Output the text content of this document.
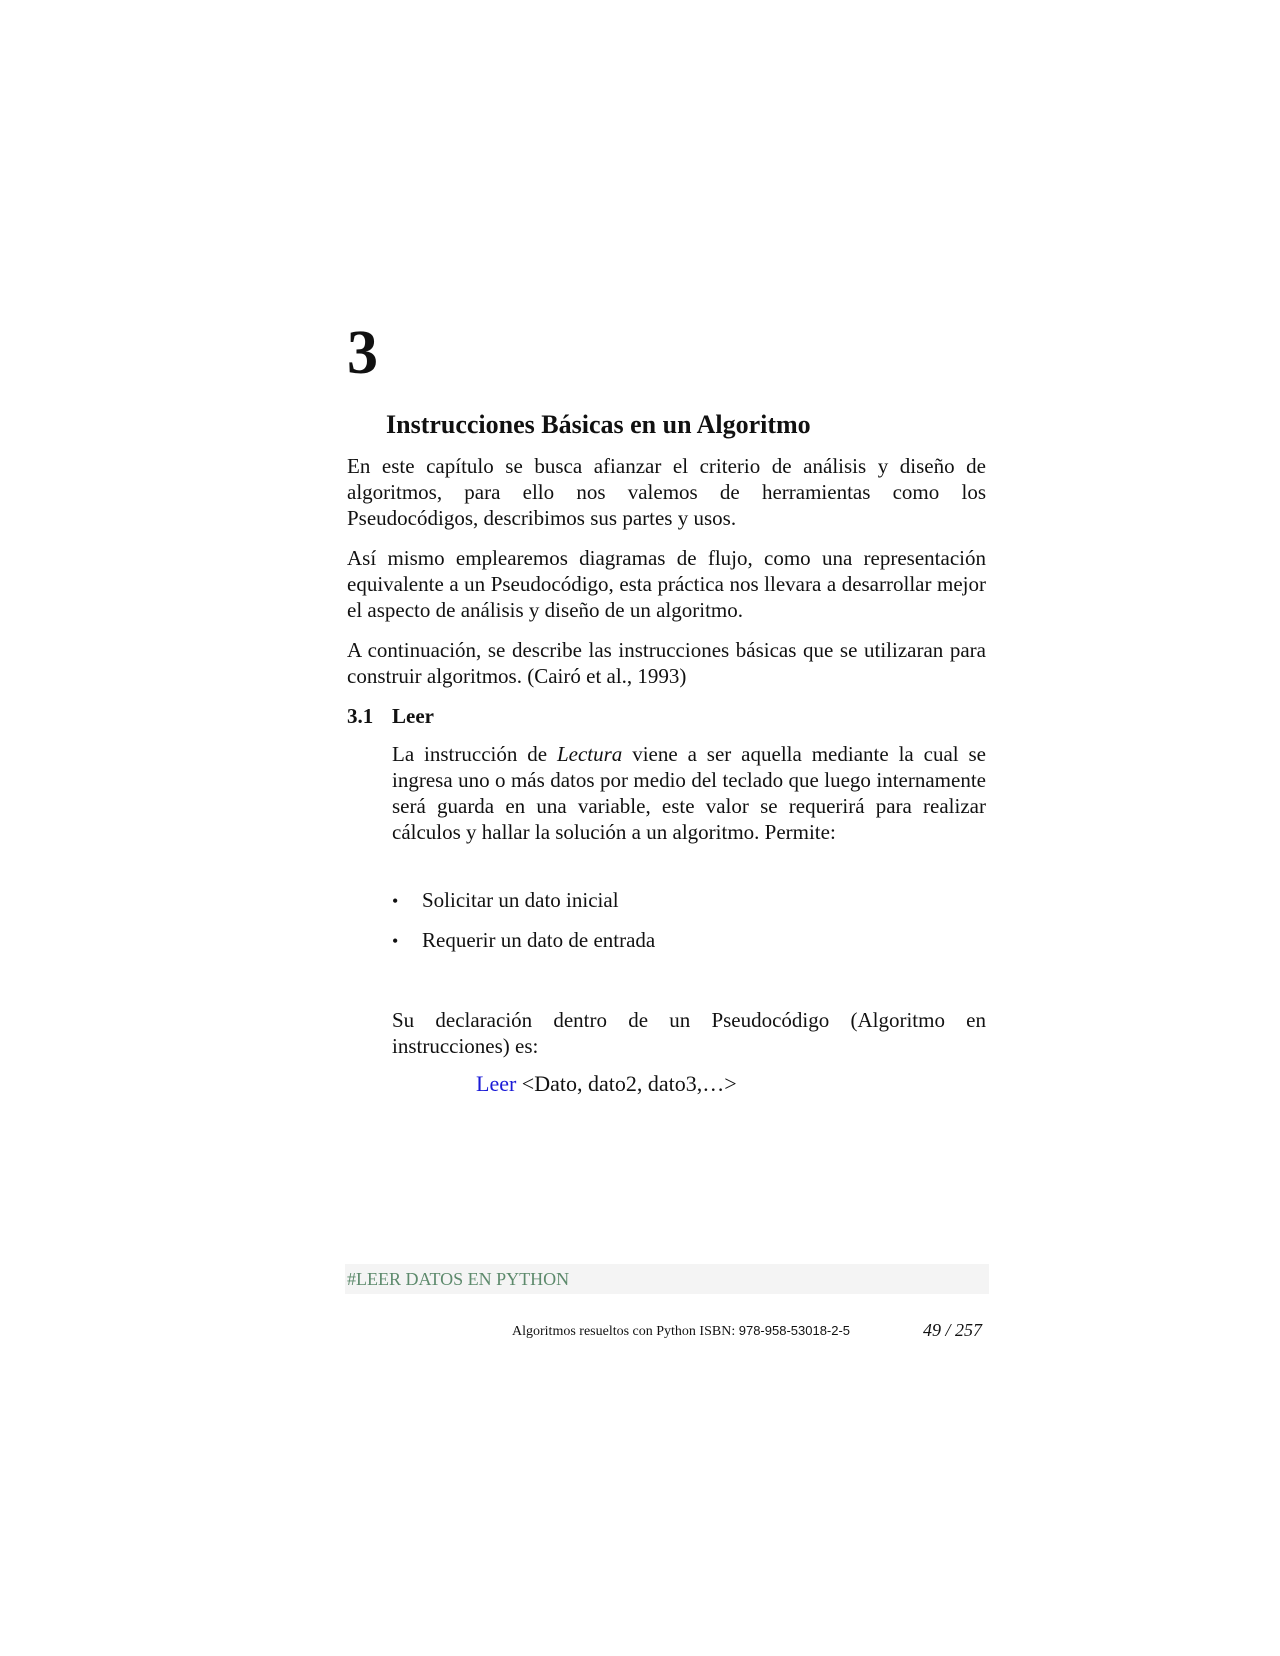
3
Instrucciones Básicas en un Algoritmo

En este capítulo se busca afianzar el criterio de análisis y diseño de algoritmos, para ello nos valemos de herramientas como los Pseudocódigos, describimos sus partes y usos.

Así mismo emplearemos diagramas de flujo, como una representación equivalente a un Pseudocódigo, esta práctica nos llevara a desarrollar mejor el aspecto de análisis y diseño de un algoritmo.

A continuación, se describe las instrucciones básicas que se utilizaran para construir algoritmos. (Cairó et al., 1993)

3.1 Leer

La instrucción de Lectura viene a ser aquella mediante la cual se ingresa uno o más datos por medio del teclado que luego internamente será guarda en una variable, este valor se requerirá para realizar cálculos y hallar la solución a un algoritmo. Permite:

• Solicitar un dato inicial
• Requerir un dato de entrada

Su declaración dentro de un Pseudocódigo (Algoritmo en instrucciones) es:

Leer <Dato, dato2, dato3,…>
#LEER DATOS EN PYTHON
Algoritmos resueltos con Python ISBN: 978-958-53018-2-5	49 / 257
